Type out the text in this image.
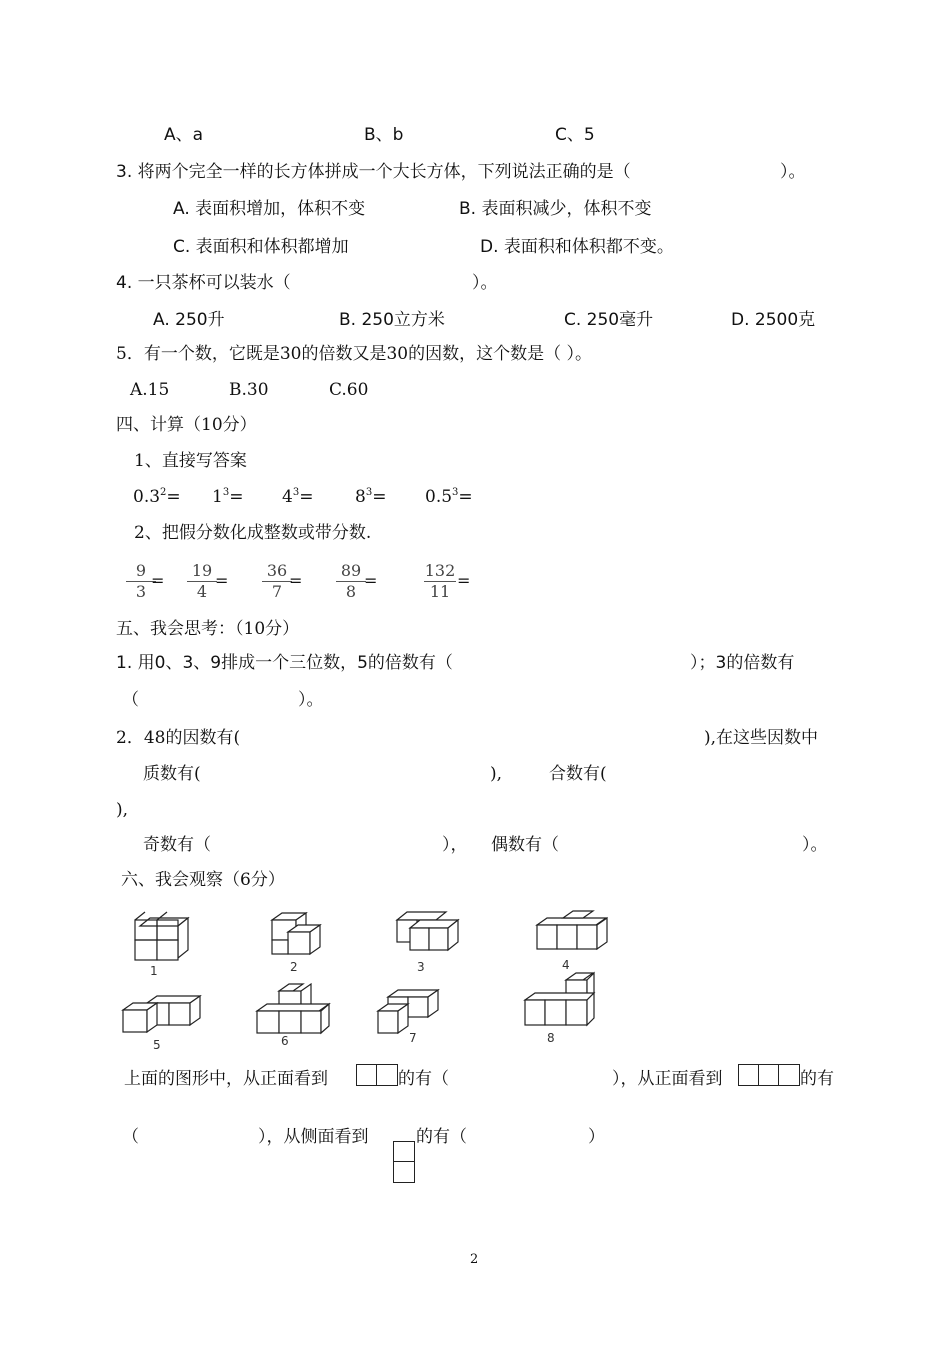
A、a	B、b	C、5
3. 将两个完全一样的长方体拼成一个大长方体，下列说法正确的是（	）。
A. 表面积增加，体积不变	B. 表面积减少，体积不变
C. 表面积和体积都增加	D. 表面积和体积都不变。
4. 一只茶杯可以装水（	）。
A. 250升	B. 250立方米	C. 250毫升	D. 2500克
5．有一个数，它既是30的倍数又是30的因数，这个数是（ ）。
A.15	B.30	C.60
四、计算（10分）
1、直接写答案
$0.3^2= 1^3= 4^3= 8^3= 0.5^3=$
2、把假分数化成整数或带分数.
9
3
=
19
4
=
36
7
=
89
8
=
132
11
=
五、我会思考：（10分）
1. 用0、3、9排成一个三位数，5的倍数有（	）；3的倍数有
（	）。
2．48的因数有(	),在这些因数中
质数有(	),	合数有(
),
奇数有（	）， 偶数有（	）。
六、我会观察（6分）
1	2	3	4
5	6	7	8
上面的图形中，从正面看到	的有（	），从正面看到	的有
（	），从侧面看到	的有（	）
2
